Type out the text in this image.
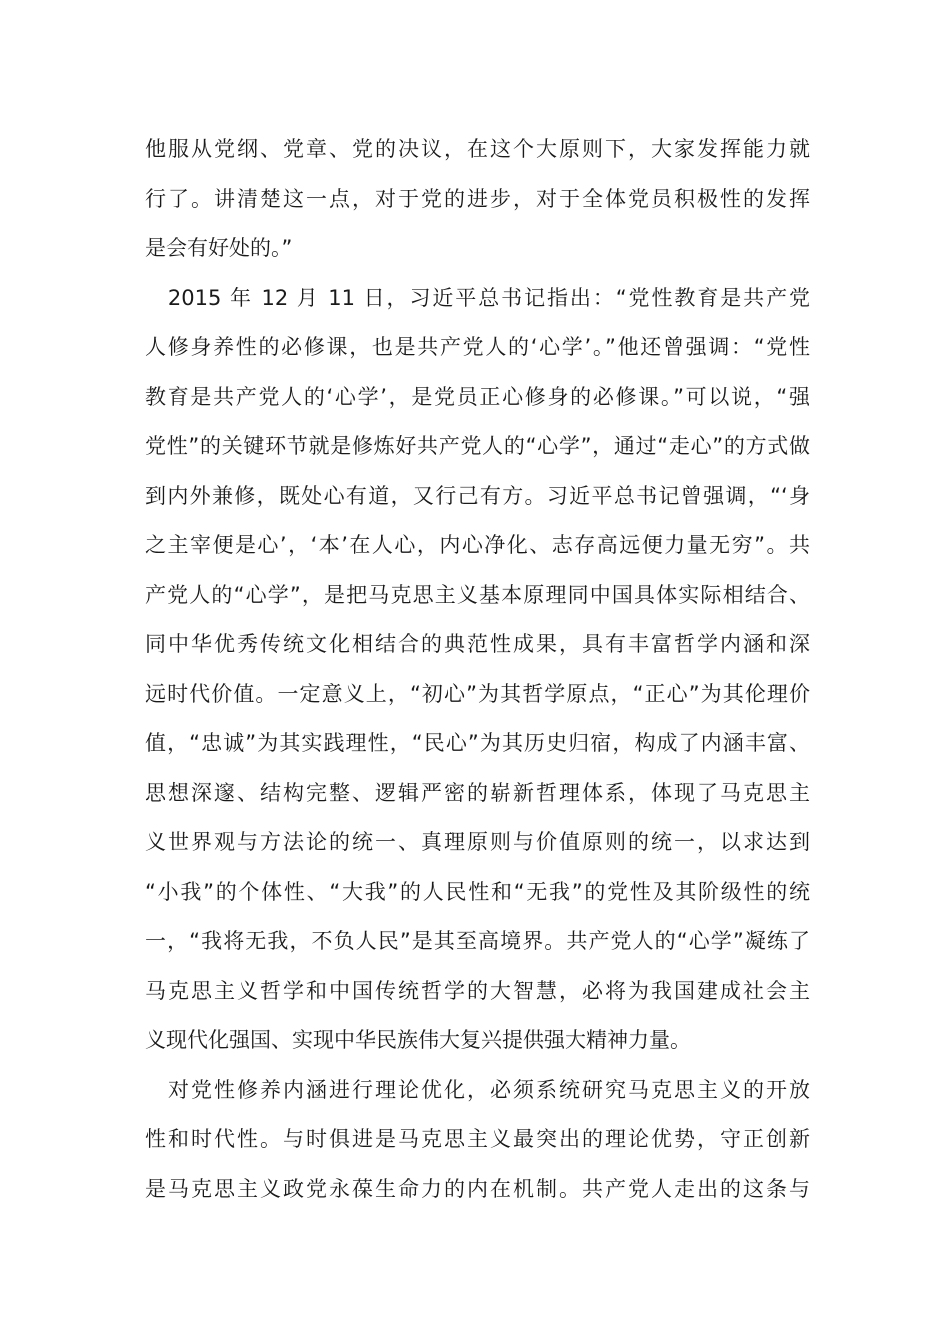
他服从党纲、党章、党的决议，在这个大原则下，大家发挥能力就
行了。讲清楚这一点，对于党的进步，对于全体党员积极性的发挥
是会有好处的。”
　2015 年 12 月 11 日，习近平总书记指出：“党性教育是共产党
人修身养性的必修课，也是共产党人的‘心学’。”他还曾强调：“党性
教育是共产党人的‘心学’，是党员正心修身的必修课。”可以说，“强
党性”的关键环节就是修炼好共产党人的“心学”，通过“走心”的方式做
到内外兼修，既处心有道，又行己有方。习近平总书记曾强调，“‘身
之主宰便是心’，‘本’在人心，内心净化、志存高远便力量无穷”。共
产党人的“心学”，是把马克思主义基本原理同中国具体实际相结合、
同中华优秀传统文化相结合的典范性成果，具有丰富哲学内涵和深
远时代价值。一定意义上，“初心”为其哲学原点，“正心”为其伦理价
值，“忠诚”为其实践理性，“民心”为其历史归宿，构成了内涵丰富、
思想深邃、结构完整、逻辑严密的崭新哲理体系，体现了马克思主
义世界观与方法论的统一、真理原则与价值原则的统一，以求达到
“小我”的个体性、“大我”的人民性和“无我”的党性及其阶级性的统
一，“我将无我，不负人民”是其至高境界。共产党人的“心学”凝练了
马克思主义哲学和中国传统哲学的大智慧，必将为我国建成社会主
义现代化强国、实现中华民族伟大复兴提供强大精神力量。
　对党性修养内涵进行理论优化，必须系统研究马克思主义的开放
性和时代性。与时俱进是马克思主义最突出的理论优势，守正创新
是马克思主义政党永葆生命力的内在机制。共产党人走出的这条与
